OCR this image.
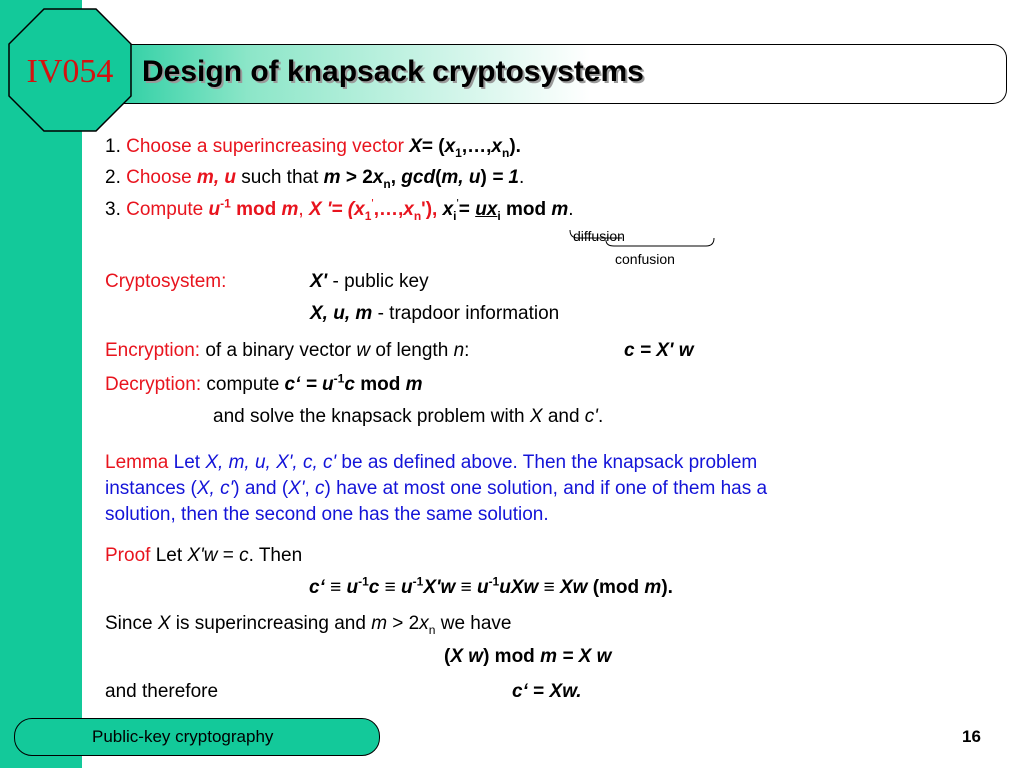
IV054 Design of knapsack cryptosystems
1. Choose a superincreasing vector $X= (x_1,\dots,x_n)$.
2. Choose m, u such that $m > 2x_n$, gcd(m, u) = 1.
3. Compute $u^{-1}$ mod m, X '= $(x_1',\dots,x_n')$, $x_i'= ux_i$ mod m.
diffusion
confusion
Cryptosystem:	X' - public key
X, u, m - trapdoor information
Encryption: of a binary vector w of length n:	c = X' w
Decryption: compute c‘ = $u^{-1}c$ mod m
and solve the knapsack problem with X and c'.
Lemma Let X, m, u, X', c, c' be as defined above. Then the knapsack problem
instances (X, c') and (X', c) have at most one solution, and if one of them has a
solution, then the second one has the same solution.
Proof Let X'w = c. Then
c‘ ≡ $u^{-1}c \equiv u^{-1}X'w \equiv u^{-1}uXw \equiv Xw$ (mod m).
Since X is superincreasing and $m > 2x_n$ we have
(X w) mod m = X w
and therefore	c‘ = Xw.
Public-key cryptography	16
